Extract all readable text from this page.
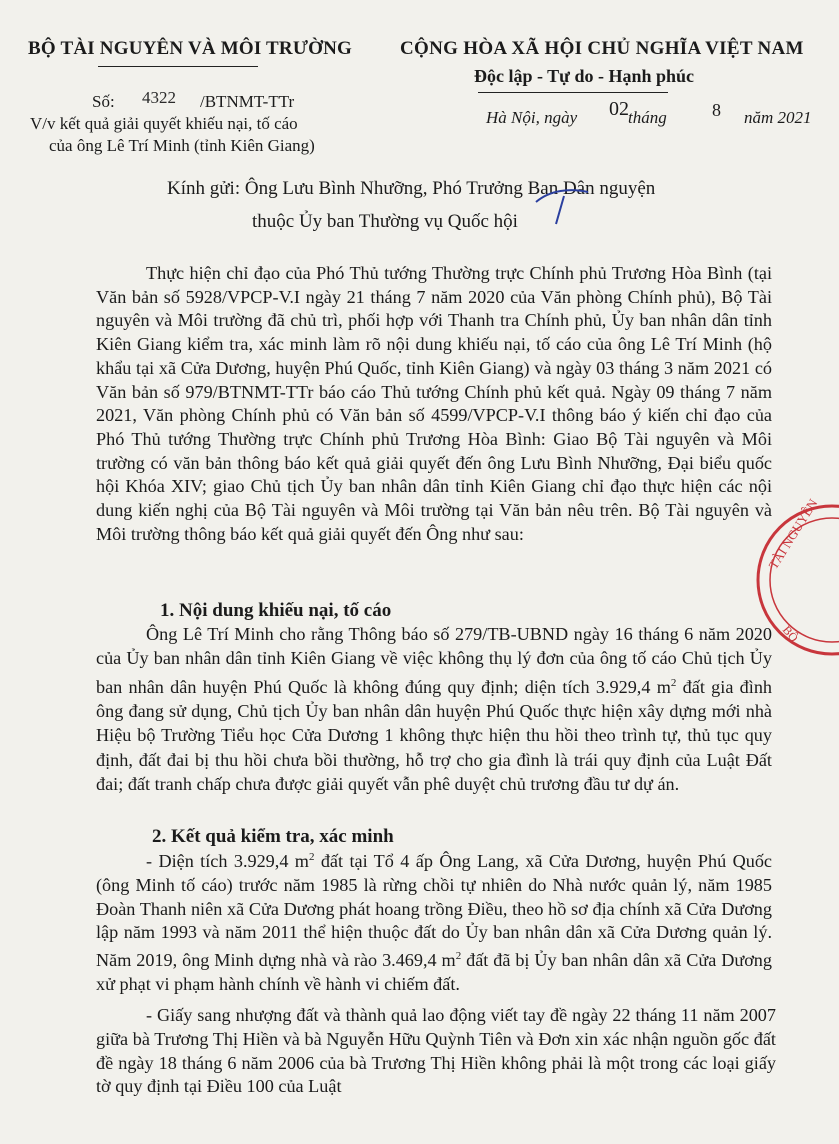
BỘ TÀI NGUYÊN VÀ MÔI TRƯỜNG	CỘNG HÒA XÃ HỘI CHỦ NGHĨA VIỆT NAM
Độc lập - Tự do - Hạnh phúc
Số: 4322 /BTNMT-TTr
V/v kết quả giải quyết khiếu nại, tố cáo
của ông Lê Trí Minh (tỉnh Kiên Giang)
Hà Nội, ngày 02 tháng	8 năm 2021
Kính gửi: Ông Lưu Bình Nhưỡng, Phó Trưởng Ban Dân nguyện
thuộc Ủy ban Thường vụ Quốc hội

Thực hiện chỉ đạo của Phó Thủ tướng Thường trực Chính phủ Trương Hòa Bình (tại Văn bản số 5928/VPCP-V.I ngày 21 tháng 7 năm 2020 của Văn phòng Chính phủ), Bộ Tài nguyên và Môi trường đã chủ trì, phối hợp với Thanh tra Chính phủ, Ủy ban nhân dân tỉnh Kiên Giang kiểm tra, xác minh làm rõ nội dung khiếu nại, tố cáo của ông Lê Trí Minh (hộ khẩu tại xã Cửa Dương, huyện Phú Quốc, tỉnh Kiên Giang) và ngày 03 tháng 3 năm 2021 có Văn bản số 979/BTNMT-TTr báo cáo Thủ tướng Chính phủ kết quả. Ngày 09 tháng 7 năm 2021, Văn phòng Chính phủ có Văn bản số 4599/VPCP-V.I thông báo ý kiến chỉ đạo của Phó Thủ tướng Thường trực Chính phủ Trương Hòa Bình: Giao Bộ Tài nguyên và Môi trường có văn bản thông báo kết quả giải quyết đến ông Lưu Bình Nhưỡng, Đại biểu quốc hội Khóa XIV; giao Chủ tịch Ủy ban nhân dân tỉnh Kiên Giang chỉ đạo thực hiện các nội dung kiến nghị của Bộ Tài nguyên và Môi trường tại Văn bản nêu trên. Bộ Tài nguyên và Môi trường thông báo kết quả giải quyết đến Ông như sau:

1. Nội dung khiếu nại, tố cáo

Ông Lê Trí Minh cho rằng Thông báo số 279/TB-UBND ngày 16 tháng 6 năm 2020 của Ủy ban nhân dân tỉnh Kiên Giang về việc không thụ lý đơn của ông tố cáo Chủ tịch Ủy ban nhân dân huyện Phú Quốc là không đúng quy định; diện tích 3.929,4 $m^2$ đất gia đình ông đang sử dụng, Chủ tịch Ủy ban nhân dân huyện Phú Quốc thực hiện xây dựng mới nhà Hiệu bộ Trường Tiểu học Cửa Dương 1 không thực hiện thu hồi theo trình tự, thủ tục quy định, đất đai bị thu hồi chưa bồi thường, hỗ trợ cho gia đình là trái quy định của Luật Đất đai; đất tranh chấp chưa được giải quyết vẫn phê duyệt chủ trương đầu tư dự án.

2. Kết quả kiểm tra, xác minh

- Diện tích 3.929,4 $m^2$ đất tại Tổ 4 ấp Ông Lang, xã Cửa Dương, huyện Phú Quốc (ông Minh tố cáo) trước năm 1985 là rừng chồi tự nhiên do Nhà nước quản lý, năm 1985 Đoàn Thanh niên xã Cửa Dương phát hoang trồng Điều, theo hồ sơ địa chính xã Cửa Dương lập năm 1993 và năm 2011 thể hiện thuộc đất do Ủy ban nhân dân xã Cửa Dương quản lý. Năm 2019, ông Minh dựng nhà và rào 3.469,4 $m^2$ đất đã bị Ủy ban nhân dân xã Cửa Dương xử phạt vi phạm hành chính về hành vi chiếm đất.

- Giấy sang nhượng đất và thành quả lao động viết tay đề ngày 22 tháng 11 năm 2007 giữa bà Trương Thị Hiền và bà Nguyễn Hữu Quỳnh Tiên và Đơn xin xác nhận nguồn gốc đất đề ngày 18 tháng 6 năm 2006 của bà Trương Thị Hiền không phải là một trong các loại giấy tờ quy định tại Điều 100 của Luật

TÀI NGUYÊN
BỘ
